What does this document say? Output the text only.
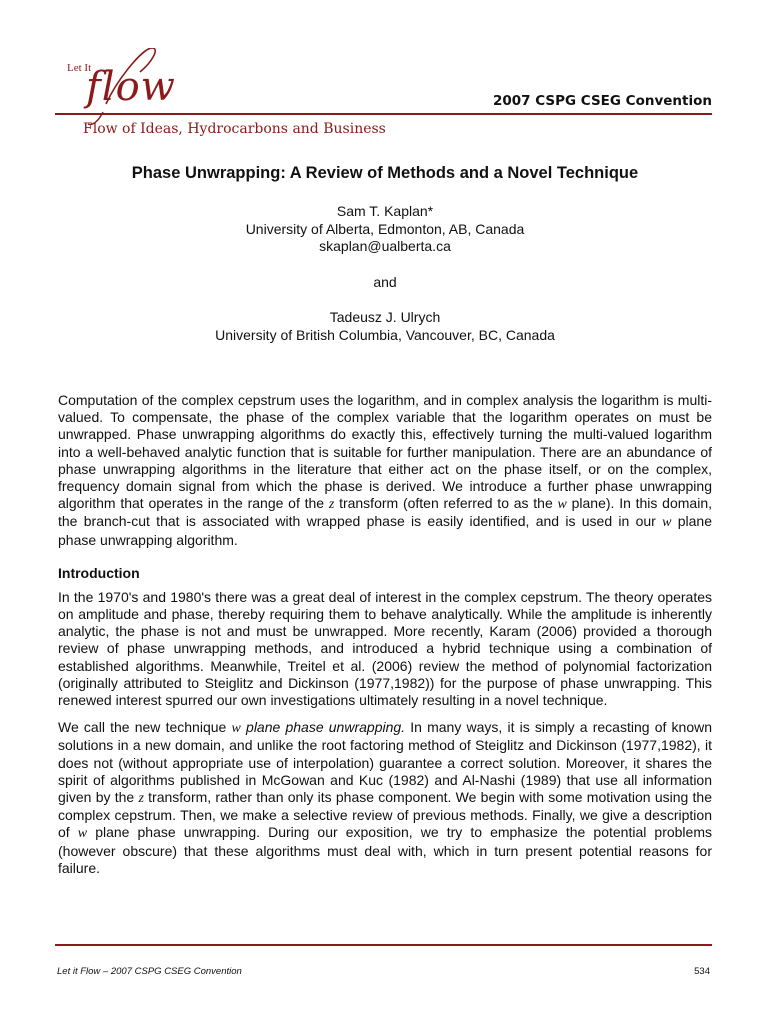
Let It
flow	2007 CSPG CSEG Convention
Flow of Ideas, Hydrocarbons and Business
Phase Unwrapping: A Review of Methods and a Novel Technique

Sam T. Kaplan*

University of Alberta, Edmonton, AB, Canada

skaplan@ualberta.ca

and

Tadeusz J. Ulrych

University of British Columbia, Vancouver, BC, Canada

Computation of the complex cepstrum uses the logarithm, and in complex analysis the logarithm is multi-valued. To compensate, the phase of the complex variable that the logarithm operates on must be unwrapped. Phase unwrapping algorithms do exactly this, effectively turning the multi-valued logarithm into a well-behaved analytic function that is suitable for further manipulation. There are an abundance of phase unwrapping algorithms in the literature that either act on the phase itself, or on the complex, frequency domain signal from which the phase is derived. We introduce a further phase unwrapping algorithm that operates in the range of the z transform (often referred to as the w plane). In this domain, the branch-cut that is associated with wrapped phase is easily identified, and is used in our w plane phase unwrapping algorithm.
Introduction

In the 1970's and 1980's there was a great deal of interest in the complex cepstrum. The theory operates on amplitude and phase, thereby requiring them to behave analytically. While the amplitude is inherently analytic, the phase is not and must be unwrapped. More recently, Karam (2006) provided a thorough review of phase unwrapping methods, and introduced a hybrid technique using a combination of established algorithms. Meanwhile, Treitel et al. (2006) review the method of polynomial factorization (originally attributed to Steiglitz and Dickinson (1977,1982)) for the purpose of phase unwrapping. This renewed interest spurred our own investigations ultimately resulting in a novel technique.

We call the new technique w plane phase unwrapping. In many ways, it is simply a recasting of known solutions in a new domain, and unlike the root factoring method of Steiglitz and Dickinson (1977,1982), it does not (without appropriate use of interpolation) guarantee a correct solution. Moreover, it shares the spirit of algorithms published in McGowan and Kuc (1982) and Al-Nashi (1989) that use all information given by the z transform, rather than only its phase component. We begin with some motivation using the complex cepstrum. Then, we make a selective review of previous methods. Finally, we give a description of w plane phase unwrapping. During our exposition, we try to emphasize the potential problems (however obscure) that these algorithms must deal with, which in turn present potential reasons for failure.

Let it Flow – 2007 CSPG CSEG Convention	534
